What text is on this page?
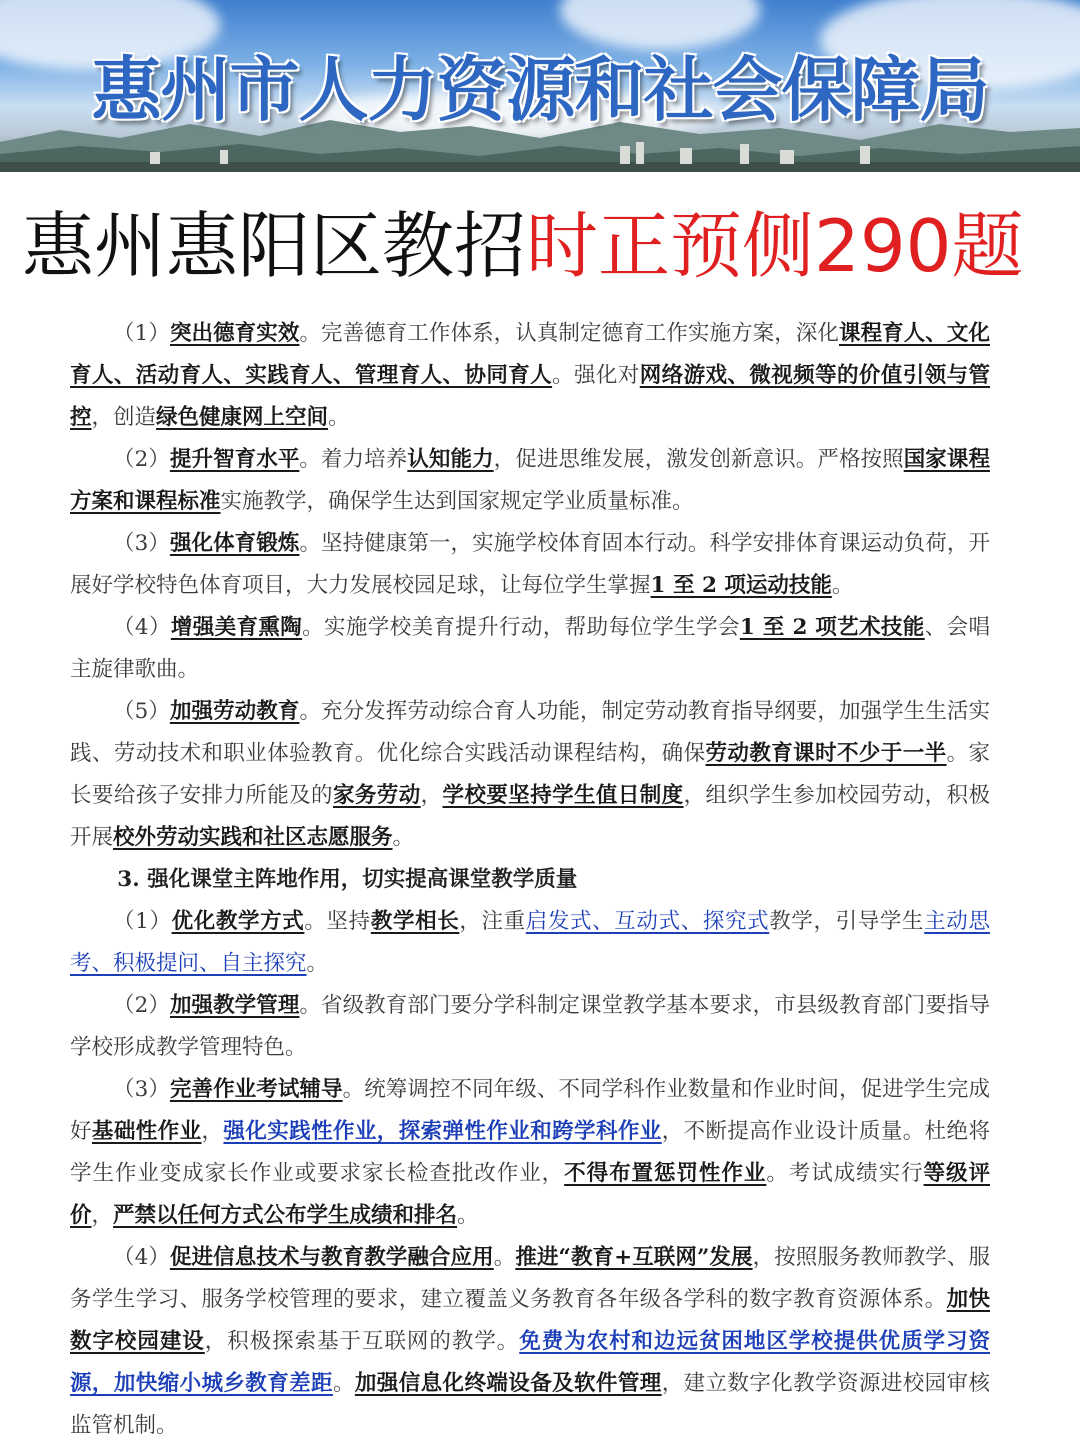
惠州市人力资源和社会保障局
惠州惠阳区教招时正预侧290题

（1）突出德育实效。完善德育工作体系，认真制定德育工作实施方案，深化课程育人、文化育人、活动育人、实践育人、管理育人、协同育人。强化对网络游戏、微视频等的价值引领与管控，创造绿色健康网上空间。

（2）提升智育水平。着力培养认知能力，促进思维发展，激发创新意识。严格按照国家课程方案和课程标准实施教学，确保学生达到国家规定学业质量标准。

（3）强化体育锻炼。坚持健康第一，实施学校体育固本行动。科学安排体育课运动负荷，开展好学校特色体育项目，大力发展校园足球，让每位学生掌握1 至 2 项运动技能。

（4）增强美育熏陶。实施学校美育提升行动，帮助每位学生学会1 至 2 项艺术技能、会唱主旋律歌曲。

（5）加强劳动教育。充分发挥劳动综合育人功能，制定劳动教育指导纲要，加强学生生活实践、劳动技术和职业体验教育。优化综合实践活动课程结构，确保劳动教育课时不少于一半。家长要给孩子安排力所能及的家务劳动，学校要坚持学生值日制度，组织学生参加校园劳动，积极开展校外劳动实践和社区志愿服务。

3. 强化课堂主阵地作用，切实提高课堂教学质量

（1）优化教学方式。坚持教学相长，注重启发式、互动式、探究式教学，引导学生主动思考、积极提问、自主探究。

（2）加强教学管理。省级教育部门要分学科制定课堂教学基本要求，市县级教育部门要指导学校形成教学管理特色。

（3）完善作业考试辅导。统筹调控不同年级、不同学科作业数量和作业时间，促进学生完成好基础性作业，强化实践性作业，探索弹性作业和跨学科作业，不断提高作业设计质量。杜绝将学生作业变成家长作业或要求家长检查批改作业，不得布置惩罚性作业。考试成绩实行等级评价，严禁以任何方式公布学生成绩和排名。

（4）促进信息技术与教育教学融合应用。推进“教育+互联网”发展，按照服务教师教学、服务学生学习、服务学校管理的要求，建立覆盖义务教育各年级各学科的数字教育资源体系。加快数字校园建设，积极探索基于互联网的教学。免费为农村和边远贫困地区学校提供优质学习资源，加快缩小城乡教育差距。加强信息化终端设备及软件管理，建立数字化教学资源进校园审核监管机制。
